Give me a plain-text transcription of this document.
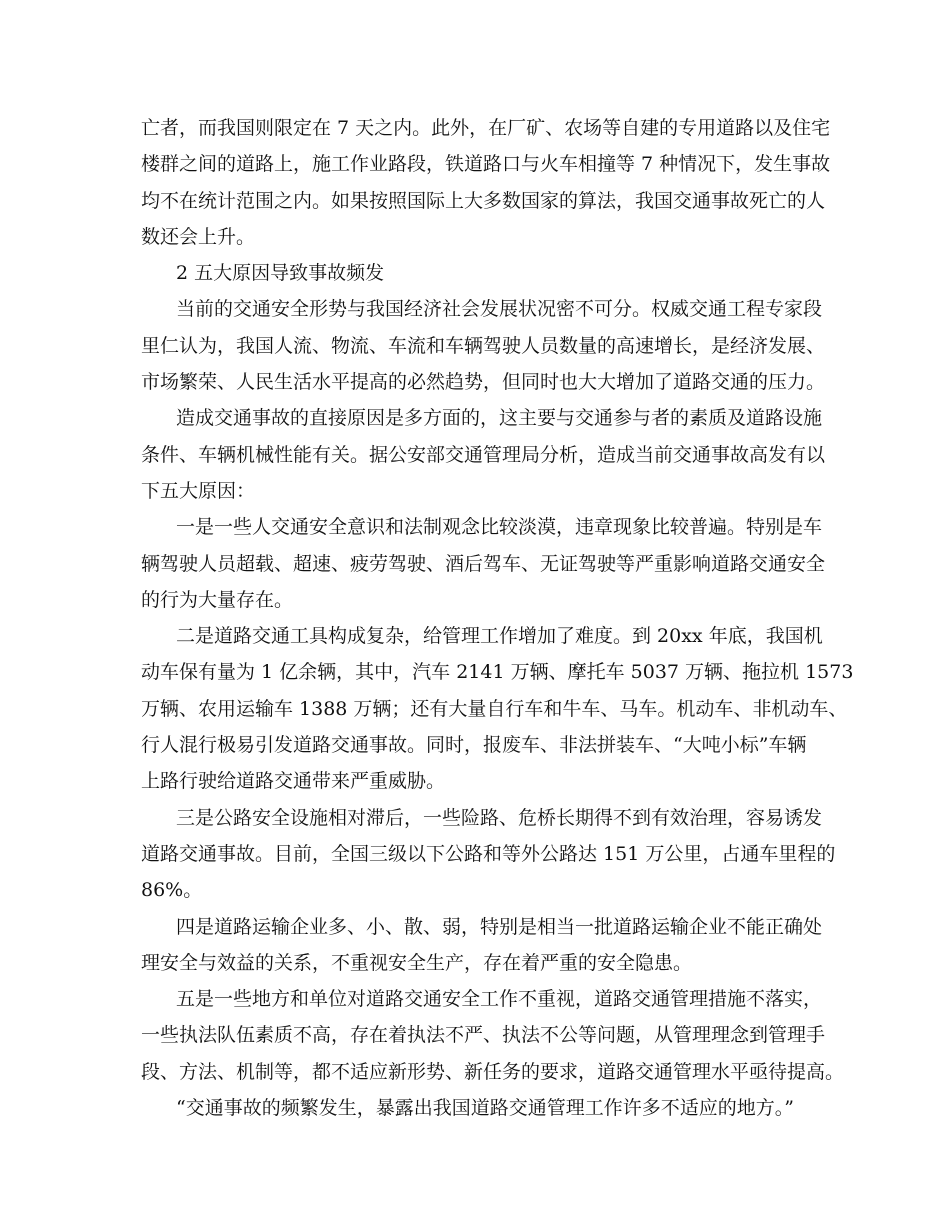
亡者，而我国则限定在 7 天之内。此外，在厂矿、农场等自建的专用道路以及住宅
楼群之间的道路上，施工作业路段，铁道路口与火车相撞等 7 种情况下，发生事故
均不在统计范围之内。如果按照国际上大多数国家的算法，我国交通事故死亡的人
数还会上升。
2 五大原因导致事故频发
当前的交通安全形势与我国经济社会发展状况密不可分。权威交通工程专家段
里仁认为，我国人流、物流、车流和车辆驾驶人员数量的高速增长，是经济发展、
市场繁荣、人民生活水平提高的必然趋势，但同时也大大增加了道路交通的压力。
造成交通事故的直接原因是多方面的，这主要与交通参与者的素质及道路设施
条件、车辆机械性能有关。据公安部交通管理局分析，造成当前交通事故高发有以
下五大原因：
一是一些人交通安全意识和法制观念比较淡漠，违章现象比较普遍。特别是车
辆驾驶人员超载、超速、疲劳驾驶、酒后驾车、无证驾驶等严重影响道路交通安全
的行为大量存在。
二是道路交通工具构成复杂，给管理工作增加了难度。到 20xx 年底，我国机
动车保有量为 1 亿余辆，其中，汽车 2141 万辆、摩托车 5037 万辆、拖拉机 1573
万辆、农用运输车 1388 万辆；还有大量自行车和牛车、马车。机动车、非机动车、
行人混行极易引发道路交通事故。同时，报废车、非法拼装车、“大吨小标”车辆
上路行驶给道路交通带来严重威胁。
三是公路安全设施相对滞后，一些险路、危桥长期得不到有效治理，容易诱发
道路交通事故。目前，全国三级以下公路和等外公路达 151 万公里，占通车里程的
86%。
四是道路运输企业多、小、散、弱，特别是相当一批道路运输企业不能正确处
理安全与效益的关系，不重视安全生产，存在着严重的安全隐患。
五是一些地方和单位对道路交通安全工作不重视，道路交通管理措施不落实，
一些执法队伍素质不高，存在着执法不严、执法不公等问题，从管理理念到管理手
段、方法、机制等，都不适应新形势、新任务的要求，道路交通管理水平亟待提高。
“交通事故的频繁发生，暴露出我国道路交通管理工作许多不适应的地方。”
